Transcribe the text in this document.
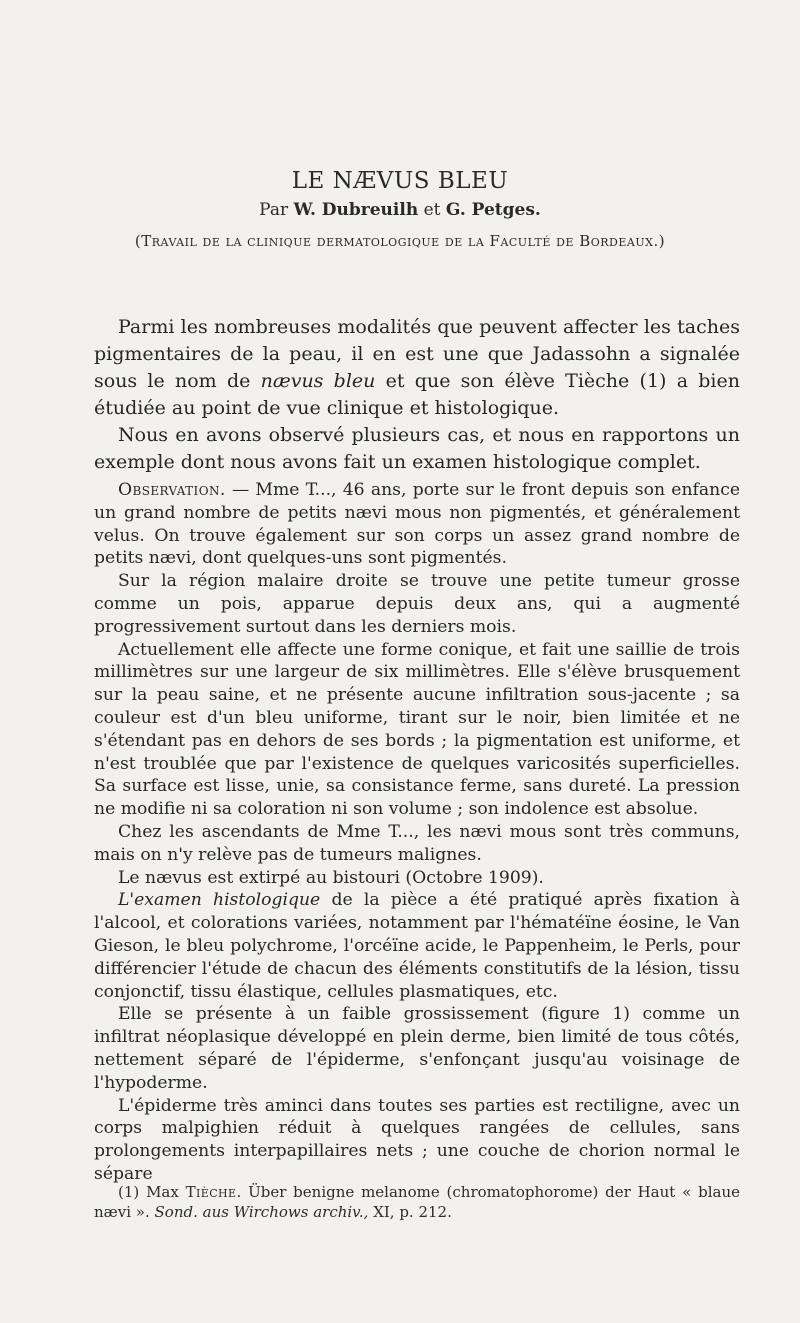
LE NÆVUS BLEU
Par W. Dubreuilh et G. Petges.
(Travail de la clinique dermatologique de la Faculté de Bordeaux.)

Parmi les nombreuses modalités que peuvent affecter les taches pigmentaires de la peau, il en est une que Jadassohn a signalée sous le nom de nævus bleu et que son élève Tièche (1) a bien étudiée au point de vue clinique et histologique.

Nous en avons observé plusieurs cas, et nous en rapportons un exemple dont nous avons fait un examen histologique complet.

Observation. — Mme T..., 46 ans, porte sur le front depuis son enfance un grand nombre de petits nævi mous non pigmentés, et généralement velus. On trouve également sur son corps un assez grand nombre de petits nævi, dont quelques-uns sont pigmentés.

Sur la région malaire droite se trouve une petite tumeur grosse comme un pois, apparue depuis deux ans, qui a augmenté progressivement surtout dans les derniers mois.

Actuellement elle affecte une forme conique, et fait une saillie de trois millimètres sur une largeur de six millimètres. Elle s'élève brusquement sur la peau saine, et ne présente aucune infiltration sous-jacente ; sa couleur est d'un bleu uniforme, tirant sur le noir, bien limitée et ne s'étendant pas en dehors de ses bords ; la pigmentation est uniforme, et n'est troublée que par l'existence de quelques varicosités superficielles. Sa surface est lisse, unie, sa consistance ferme, sans dureté. La pression ne modifie ni sa coloration ni son volume ; son indolence est absolue.

Chez les ascendants de Mme T..., les nævi mous sont très communs, mais on n'y relève pas de tumeurs malignes.

Le nævus est extirpé au bistouri (Octobre 1909).

L'examen histologique de la pièce a été pratiqué après fixation à l'alcool, et colorations variées, notamment par l'hématéïne éosine, le Van Gieson, le bleu polychrome, l'orcéïne acide, le Pappenheim, le Perls, pour différencier l'étude de chacun des éléments constitutifs de la lésion, tissu conjonctif, tissu élastique, cellules plasmatiques, etc.

Elle se présente à un faible grossissement (figure 1) comme un infiltrat néoplasique développé en plein derme, bien limité de tous côtés, nettement séparé de l'épiderme, s'enfonçant jusqu'au voisinage de l'hypoderme.

L'épiderme très aminci dans toutes ses parties est rectiligne, avec un corps malpighien réduit à quelques rangées de cellules, sans prolongements interpapillaires nets ; une couche de chorion normal le sépare

(1) Max Tièche. Über benigne melanome (chromatophorome) der Haut « blaue nævi ». Sond. aus Wirchows archiv., XI, p. 212.
